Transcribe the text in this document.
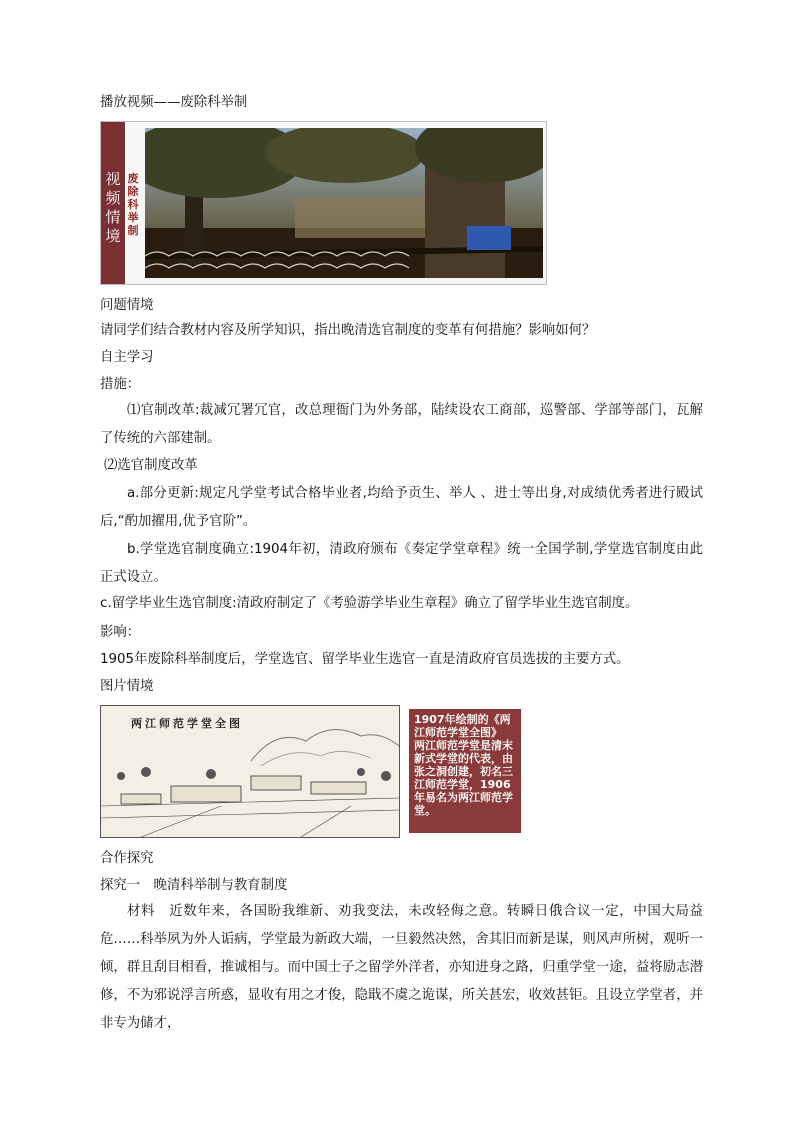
播放视频——废除科举制
视频情境
废除科举制
问题情境
请同学们结合教材内容及所学知识，指出晚清选官制度的变革有何措施？影响如何？
自主学习
措施：
⑴官制改革:裁减冗署冗官，改总理衙门为外务部，陆续设农工商部，巡警部、学部等部门，瓦解了传统的六部建制。
⑵选官制度改革
a.部分更新:规定凡学堂考试合格毕业者,均给予贡生、举人 、进士等出身,对成绩优秀者进行殿试后,“酌加擢用,优予官阶”。
b.学堂选官制度确立:1904年初，清政府颁布《奏定学堂章程》统一全国学制,学堂选官制度由此正式设立。
c.留学毕业生选官制度:清政府制定了《考验游学毕业生章程》确立了留学毕业生选官制度。
影响：
1905年废除科举制度后，学堂选官、留学毕业生选官一直是清政府官员选拔的主要方式。
图片情境
两江师范学堂全图	1907年绘制的《两江师范学堂全图》
两江师范学堂是清末新式学堂的代表，由张之洞创建，初名三江师范学堂，1906年易名为两江师范学堂。
合作探究
探究一　晚清科举制与教育制度
材料　近数年来，各国盼我维新、劝我变法，未改轻侮之意。转瞬日俄合议一定，中国大局益危……科举夙为外人诟病，学堂最为新政大端，一旦毅然决然，舍其旧而新是谋，则风声所树，观听一倾，群且刮目相看，推诚相与。而中国士子之留学外洋者，亦知进身之路，归重学堂一途，益将励志潜修，不为邪说浮言所惑，显收有用之才俊，隐戢不虞之诡谋，所关甚宏，收效甚钜。且设立学堂者，并非专为储才，
